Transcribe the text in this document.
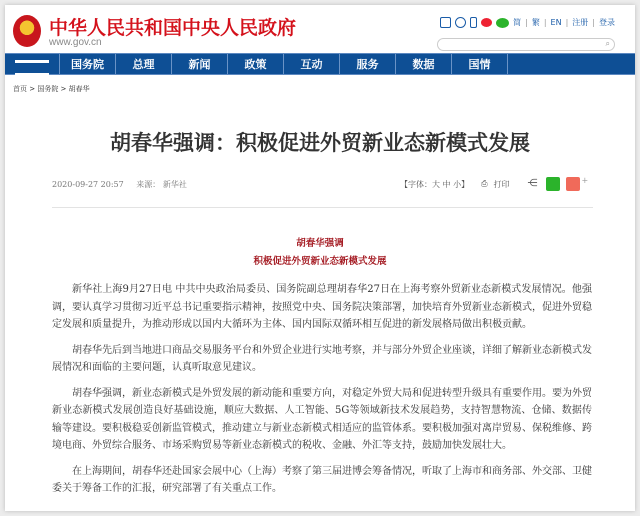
中华人民共和国中央人民政府
www.gov.cn
简 | 繁 | EN | 注册 | 登录
⌕
国务院	总理	新闻	政策	互动	服务	数据	国情
首页 > 国务院 > 胡春华
胡春华强调：积极促进外贸新业态新模式发展
2020-09-27 20:57 来源： 新华社	【字体：大 中 小】 ⎙ 打印 ⋲	+
胡春华强调
积极促进外贸新业态新模式发展

新华社上海9月27日电 中共中央政治局委员、国务院副总理胡春华27日在上海考察外贸新业态新模式发展情况。他强调，要认真学习贯彻习近平总书记重要指示精神，按照党中央、国务院决策部署，加快培育外贸新业态新模式，促进外贸稳定发展和质量提升，为推动形成以国内大循环为主体、国内国际双循环相互促进的新发展格局做出积极贡献。

胡春华先后到当地进口商品交易服务平台和外贸企业进行实地考察，并与部分外贸企业座谈，详细了解新业态新模式发展情况和面临的主要问题，认真听取意见建议。

胡春华强调，新业态新模式是外贸发展的新动能和重要方向，对稳定外贸大局和促进转型升级具有重要作用。要为外贸新业态新模式发展创造良好基础设施，顺应大数据、人工智能、5G等领域新技术发展趋势，支持智慧物流、仓储、数据传输等建设。要积极稳妥创新监管模式，推动建立与新业态新模式相适应的监管体系。要积极加强对离岸贸易、保税维修、跨境电商、外贸综合服务、市场采购贸易等新业态新模式的税收、金融、外汇等支持，鼓励加快发展壮大。

在上海期间，胡春华还赴国家会展中心（上海）考察了第三届进博会筹备情况，听取了上海市和商务部、外交部、卫健委关于筹备工作的汇报，研究部署了有关重点工作。
